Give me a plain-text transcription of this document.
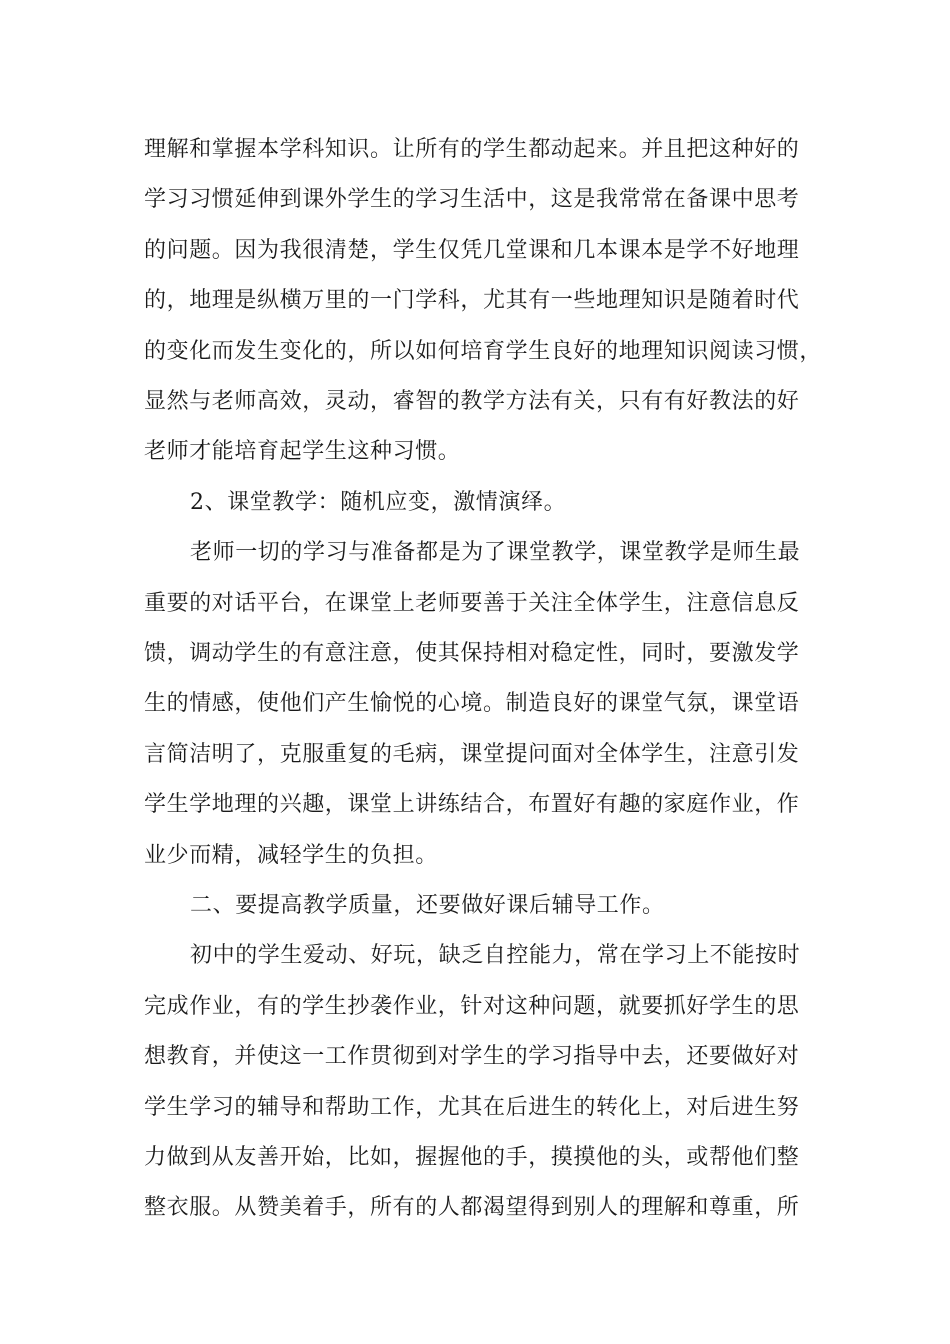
理解和掌握本学科知识。让所有的学生都动起来。并且把这种好的
学习习惯延伸到课外学生的学习生活中，这是我常常在备课中思考
的问题。因为我很清楚，学生仅凭几堂课和几本课本是学不好地理
的，地理是纵横万里的一门学科，尤其有一些地理知识是随着时代
的变化而发生变化的，所以如何培育学生良好的地理知识阅读习惯，
显然与老师高效，灵动，睿智的教学方法有关，只有有好教法的好
老师才能培育起学生这种习惯。
2、课堂教学：随机应变，激情演绎。
老师一切的学习与准备都是为了课堂教学，课堂教学是师生最
重要的对话平台，在课堂上老师要善于关注全体学生，注意信息反
馈，调动学生的有意注意，使其保持相对稳定性，同时，要激发学
生的情感，使他们产生愉悦的心境。制造良好的课堂气氛，课堂语
言简洁明了，克服重复的毛病，课堂提问面对全体学生，注意引发
学生学地理的兴趣，课堂上讲练结合，布置好有趣的家庭作业，作
业少而精，减轻学生的负担。
二、要提高教学质量，还要做好课后辅导工作。
初中的学生爱动、好玩，缺乏自控能力，常在学习上不能按时
完成作业，有的学生抄袭作业，针对这种问题，就要抓好学生的思
想教育，并使这一工作贯彻到对学生的学习指导中去，还要做好对
学生学习的辅导和帮助工作，尤其在后进生的转化上，对后进生努
力做到从友善开始，比如，握握他的手，摸摸他的头，或帮他们整
整衣服。从赞美着手，所有的人都渴望得到别人的理解和尊重，所
